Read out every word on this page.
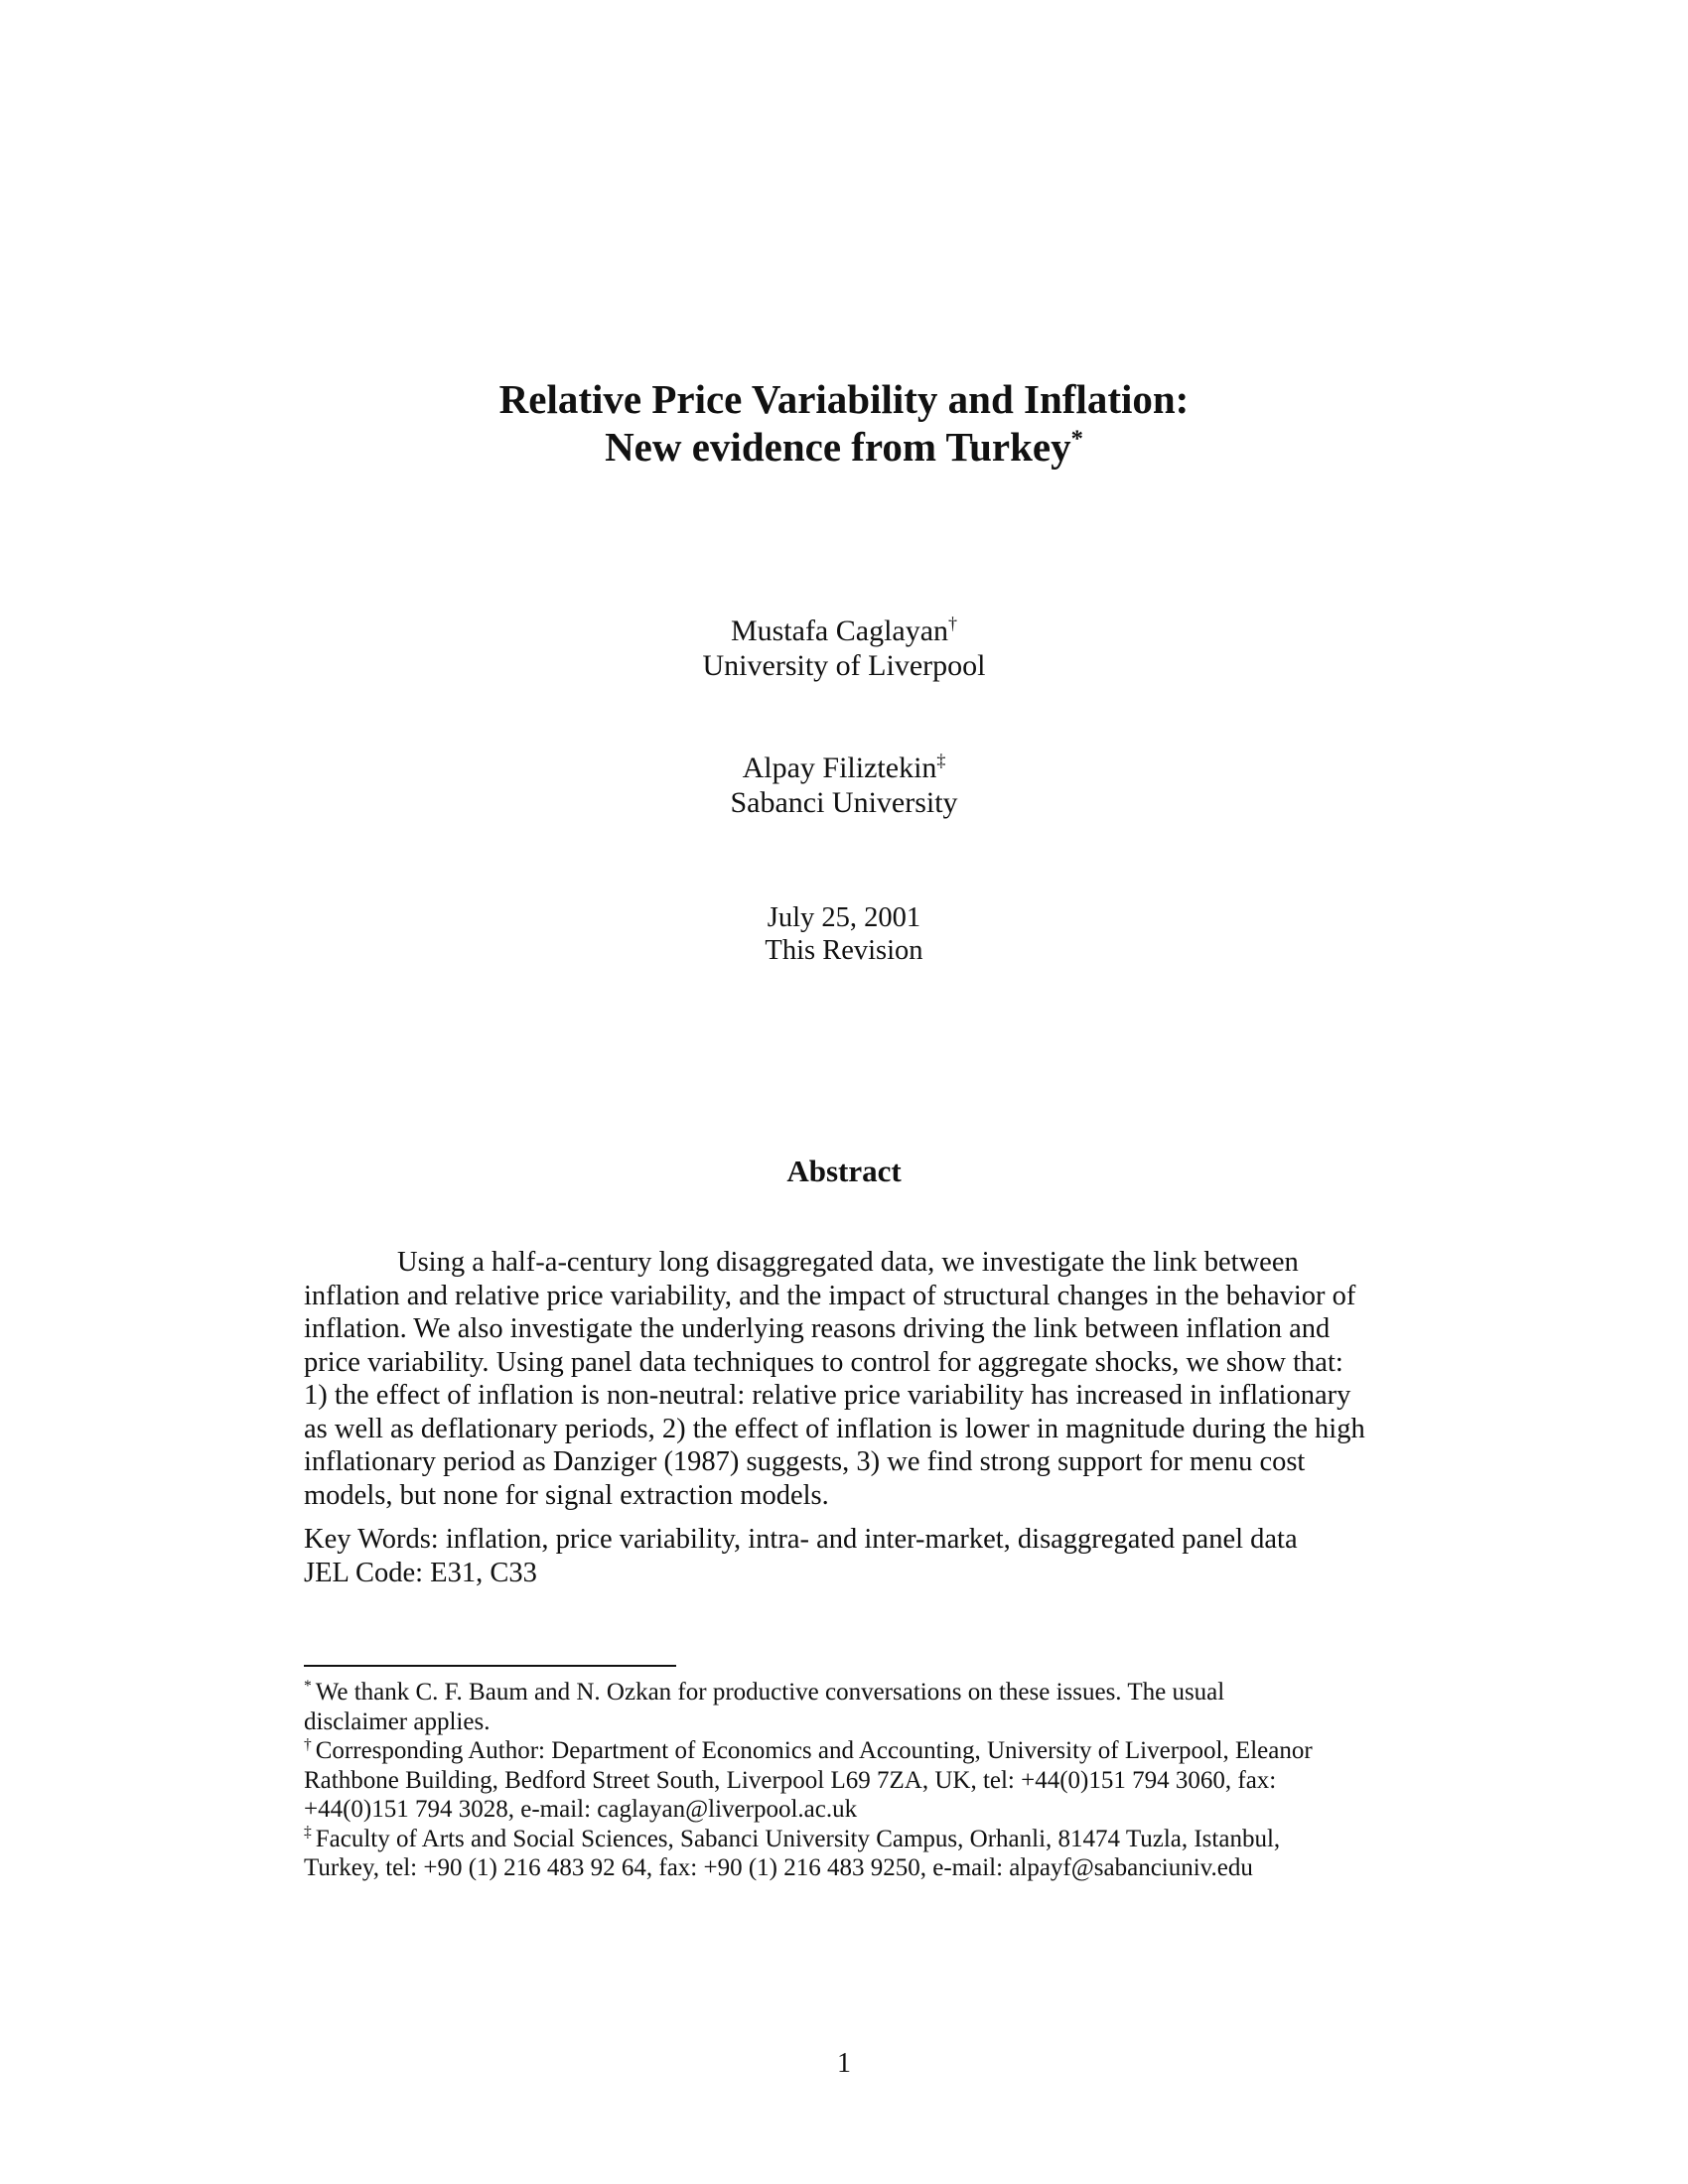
Relative Price Variability and Inflation:
New evidence from Turkey*
Mustafa Caglayan†
University of Liverpool
Alpay Filiztekin‡
Sabanci University
July 25, 2001
This Revision
Abstract
Using a half-a-century long disaggregated data, we investigate the link between
inflation and relative price variability, and the impact of structural changes in the behavior of
inflation. We also investigate the underlying reasons driving the link between inflation and
price variability. Using panel data techniques to control for aggregate shocks, we show that:
1) the effect of inflation is non-neutral: relative price variability has increased in inflationary
as well as deflationary periods, 2) the effect of inflation is lower in magnitude during the high
inflationary period as Danziger (1987) suggests, 3) we find strong support for menu cost
models, but none for signal extraction models.
Key Words: inflation, price variability, intra- and inter-market, disaggregated panel data
JEL Code: E31, C33
* We thank C. F. Baum and N. Ozkan for productive conversations on these issues. The usual
disclaimer applies.
† Corresponding Author: Department of Economics and Accounting, University of Liverpool, Eleanor
Rathbone Building, Bedford Street South, Liverpool L69 7ZA, UK, tel: +44(0)151 794 3060, fax:
+44(0)151 794 3028, e-mail: caglayan@liverpool.ac.uk
‡ Faculty of Arts and Social Sciences, Sabanci University Campus, Orhanli, 81474 Tuzla, Istanbul,
Turkey, tel: +90 (1) 216 483 92 64, fax: +90 (1) 216 483 9250, e-mail: alpayf@sabanciuniv.edu
1
